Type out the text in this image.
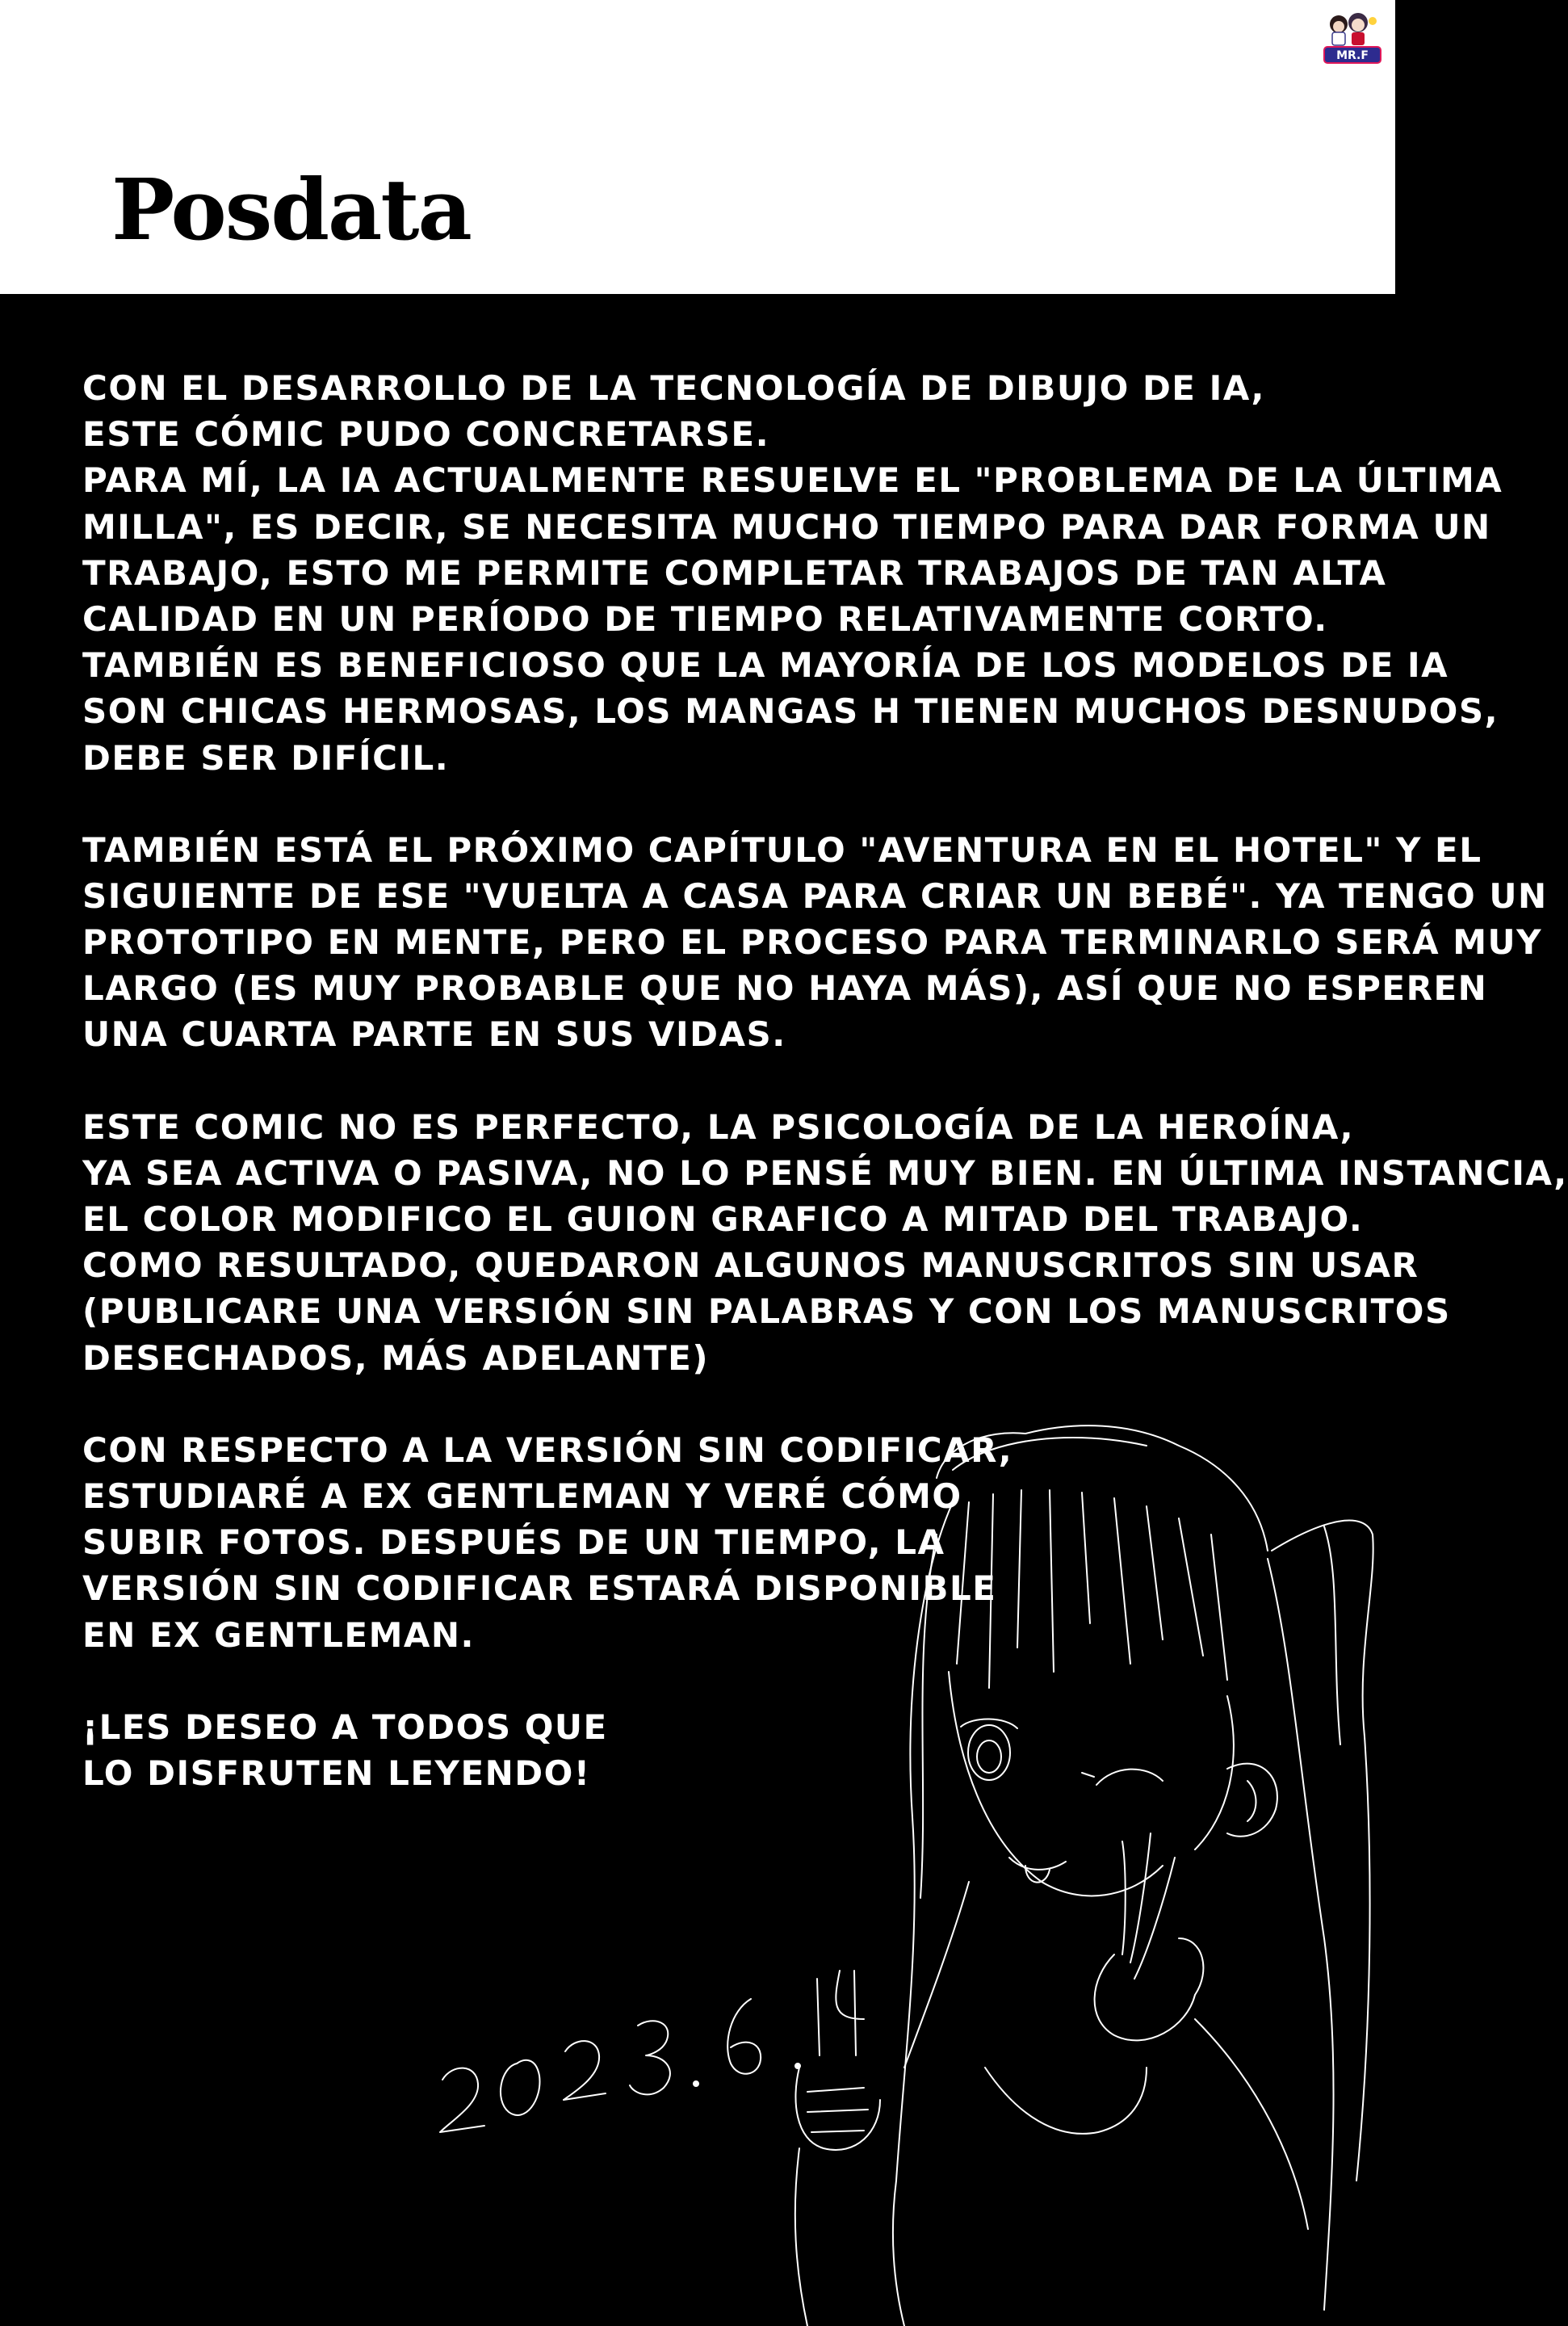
Posdata
MR.F
CON EL DESARROLLO DE LA TECNOLOGÍA DE DIBUJO DE IA,
ESTE CÓMIC PUDO CONCRETARSE.
PARA MÍ, LA IA ACTUALMENTE RESUELVE EL "PROBLEMA DE LA ÚLTIMA
MILLA", ES DECIR, SE NECESITA MUCHO TIEMPO PARA DAR FORMA UN
TRABAJO, ESTO ME PERMITE COMPLETAR TRABAJOS DE TAN ALTA
CALIDAD EN UN PERÍODO DE TIEMPO RELATIVAMENTE CORTO.
TAMBIÉN ES BENEFICIOSO QUE LA MAYORÍA DE LOS MODELOS DE IA
SON CHICAS HERMOSAS, LOS MANGAS H TIENEN MUCHOS DESNUDOS,
DEBE SER DIFÍCIL.
TAMBIÉN ESTÁ EL PRÓXIMO CAPÍTULO "AVENTURA EN EL HOTEL" Y EL
SIGUIENTE DE ESE "VUELTA A CASA PARA CRIAR UN BEBÉ". YA TENGO UN
PROTOTIPO EN MENTE, PERO EL PROCESO PARA TERMINARLO SERÁ MUY
LARGO (ES MUY PROBABLE QUE NO HAYA MÁS), ASÍ QUE NO ESPEREN
UNA CUARTA PARTE EN SUS VIDAS.
ESTE COMIC NO ES PERFECTO, LA PSICOLOGÍA DE LA HEROÍNA,
YA SEA ACTIVA O PASIVA, NO LO PENSÉ MUY BIEN. EN ÚLTIMA INSTANCIA,
EL COLOR MODIFICO EL GUION GRAFICO A MITAD DEL TRABAJO.
COMO RESULTADO, QUEDARON ALGUNOS MANUSCRITOS SIN USAR
(PUBLICARE UNA VERSIÓN SIN PALABRAS Y CON LOS MANUSCRITOS
DESECHADOS, MÁS ADELANTE)
CON RESPECTO A LA VERSIÓN SIN CODIFICAR,
ESTUDIARÉ A EX GENTLEMAN Y VERÉ CÓMO
SUBIR FOTOS. DESPUÉS DE UN TIEMPO, LA
VERSIÓN SIN CODIFICAR ESTARÁ DISPONIBLE
EN EX GENTLEMAN.
¡LES DESEO A TODOS QUE
LO DISFRUTEN LEYENDO!
